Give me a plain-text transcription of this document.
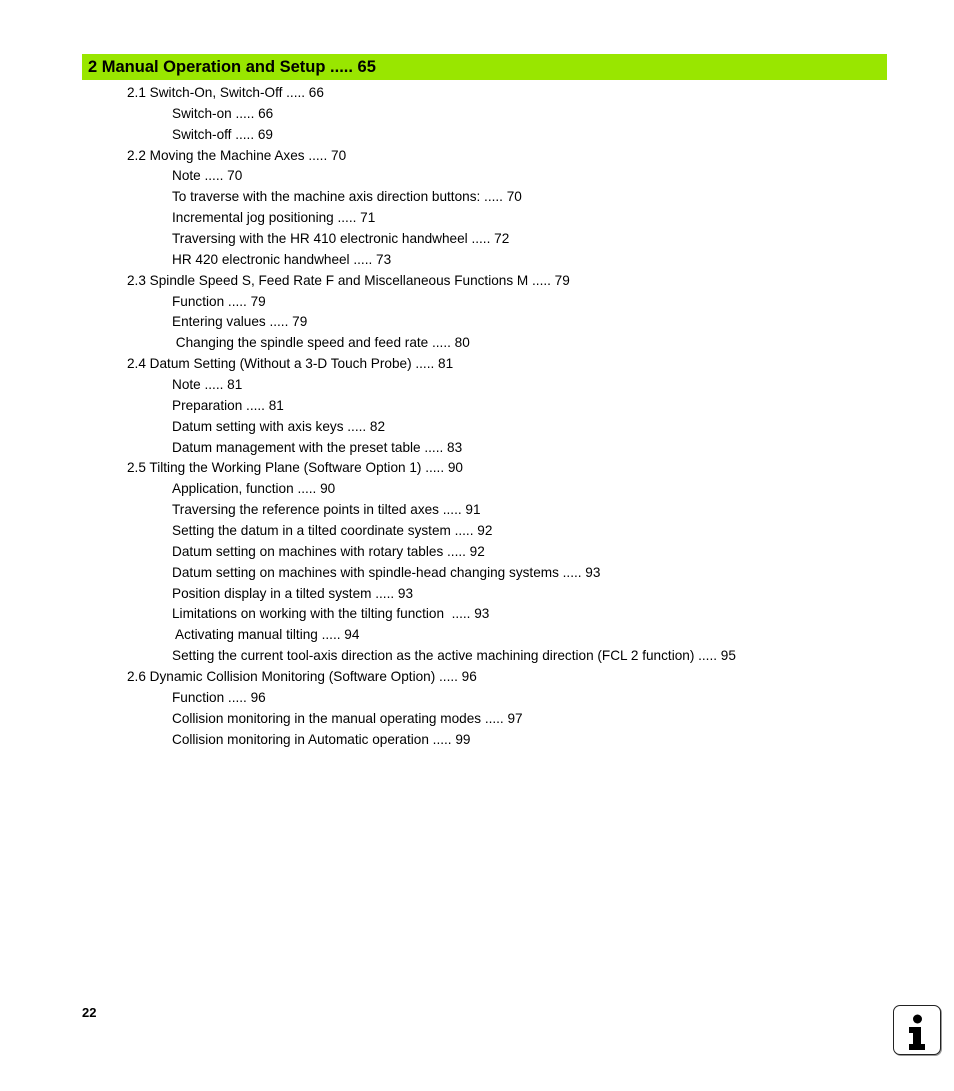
2 Manual Operation and Setup ..... 65
2.1 Switch-On, Switch-Off ..... 66
Switch-on ..... 66
Switch-off ..... 69
2.2 Moving the Machine Axes ..... 70
Note ..... 70
To traverse with the machine axis direction buttons: ..... 70
Incremental jog positioning ..... 71
Traversing with the HR 410 electronic handwheel ..... 72
HR 420 electronic handwheel ..... 73
2.3 Spindle Speed S, Feed Rate F and Miscellaneous Functions M ..... 79
Function ..... 79
Entering values ..... 79
Changing the spindle speed and feed rate ..... 80
2.4 Datum Setting (Without a 3-D Touch Probe) ..... 81
Note ..... 81
Preparation ..... 81
Datum setting with axis keys ..... 82
Datum management with the preset table ..... 83
2.5 Tilting the Working Plane (Software Option 1) ..... 90
Application, function ..... 90
Traversing the reference points in tilted axes ..... 91
Setting the datum in a tilted coordinate system ..... 92
Datum setting on machines with rotary tables ..... 92
Datum setting on machines with spindle-head changing systems ..... 93
Position display in a tilted system ..... 93
Limitations on working with the tilting function  ..... 93
Activating manual tilting ..... 94
Setting the current tool-axis direction as the active machining direction (FCL 2 function) ..... 95
2.6 Dynamic Collision Monitoring (Software Option) ..... 96
Function ..... 96
Collision monitoring in the manual operating modes ..... 97
Collision monitoring in Automatic operation ..... 99
22
